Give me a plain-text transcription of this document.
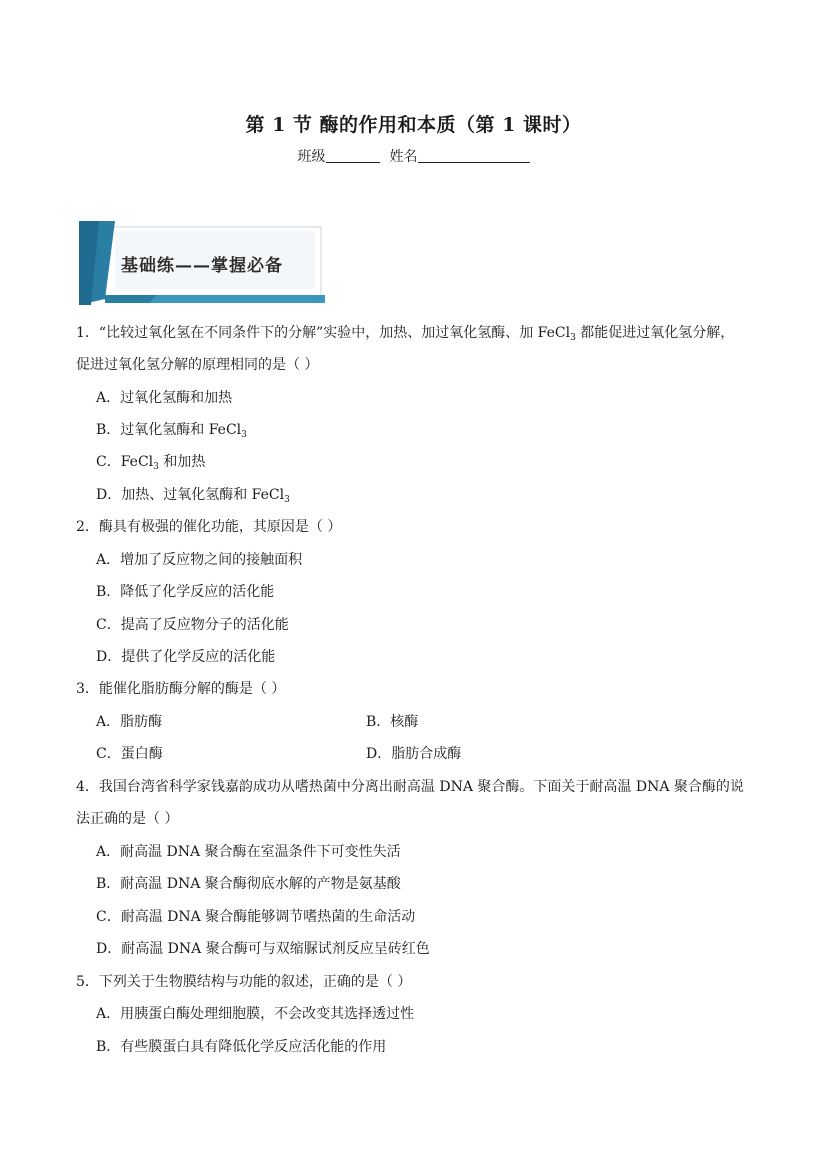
第 1 节 酶的作用和本质（第 1 课时）
班级	姓名
基础练——掌握必备
1．“比较过氧化氢在不同条件下的分解”实验中，加热、加过氧化氢酶、加 FeCl$_3$ 都能促进过氧化氢分解，
促进过氧化氢分解的原理相同的是（ ）
A．过氧化氢酶和加热
B．过氧化氢酶和 FeCl$_3$
C．FeCl$_3$ 和加热
D．加热、过氧化氢酶和 FeCl$_3$
2．酶具有极强的催化功能，其原因是（ ）
A．增加了反应物之间的接触面积
B．降低了化学反应的活化能
C．提高了反应物分子的活化能
D．提供了化学反应的活化能
3．能催化脂肪酶分解的酶是（ ）
A．脂肪酶	B．核酶
C．蛋白酶	D．脂肪合成酶
4．我国台湾省科学家钱嘉韵成功从嗜热菌中分离出耐高温 DNA 聚合酶。下面关于耐高温 DNA 聚合酶的说
法正确的是（ ）
A．耐高温 DNA 聚合酶在室温条件下可变性失活
B．耐高温 DNA 聚合酶彻底水解的产物是氨基酸
C．耐高温 DNA 聚合酶能够调节嗜热菌的生命活动
D．耐高温 DNA 聚合酶可与双缩脲试剂反应呈砖红色
5．下列关于生物膜结构与功能的叙述，正确的是（ ）
A．用胰蛋白酶处理细胞膜，不会改变其选择透过性
B．有些膜蛋白具有降低化学反应活化能的作用
